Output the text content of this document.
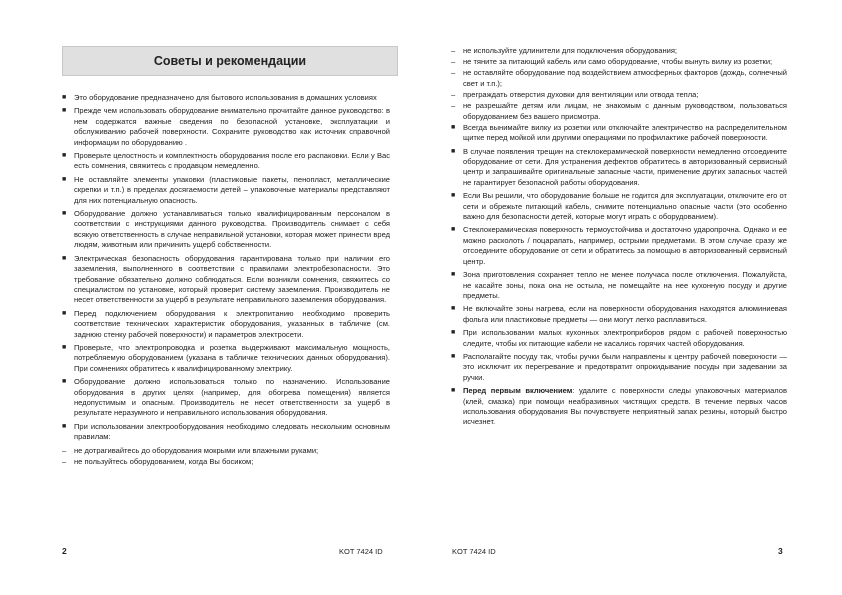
Советы и рекомендации
■	Это оборудование предназначено для бытового использования в домашних условиях
■	Прежде чем использовать оборудование внимательно прочитайте данное руководство: в нем содержатся важные сведения по безопасной установке, эксплуатации и обслуживанию рабочей поверхности. Сохраните руководство как источник справочной информации по оборудованию .
■	Проверьте целостность и комплектность оборудования после его распаковки. Если у Вас есть сомнения, свяжитесь с продавцом немедленно.
■	Не оставляйте элементы упаковки (пластиковые пакеты, пенопласт, металлические скрепки и т.п.) в пределах досягаемости детей – упаковочные материалы представляют для них потенциальную опасность.
■	Оборудование должно устанавливаться только квалифицированным персоналом в соответствии с инструкциями данного руководства. Производитель снимает с себя всякую ответственность в случае неправильной установки, которая может принести вред людям, животным или причинить ущерб собственности.
■	Электрическая безопасность оборудования гарантирована только при наличии его заземления, выполненного в соответствии с правилами электробезопасности. Это требование обязательно должно соблюдаться. Если возникли сомнения, свяжитесь со специалистом по установке, который проверит систему заземления. Производитель не несет ответственности за ущерб в результате неправильного заземления оборудования.
■	Перед подключением оборудования к электропитанию необходимо проверить соответствие технических характеристик оборудования, указанных в табличке (см. заднюю стенку рабочей поверхности) и параметров электросети.
■	Проверьте, что электропроводка и розетка выдерживают максимальную мощность, потребляемую оборудованием (указана в табличке технических данных оборудования). При сомнениях обратитесь к квалифицированному электрику.
■	Оборудование должно использоваться только по назначению. Использование оборудования в других целях (например, для обогрева помещения) является недопустимым и опасным. Производитель не несет ответственности за ущерб в результате неразумного и неправильного использования оборудования.
■	При использовании электрооборудования необходимо следовать нескольким основным правилам:
–	не дотрагивайтесь до оборудования мокрыми или влажными руками;
–	не пользуйтесь оборудованием, когда Вы босиком;
2	KOT 7424 ID
–	не используйте удлинители для подключения оборудования;
–	не тяните за питающий кабель или само оборудование, чтобы вынуть вилку из розетки;
–	не оставляйте оборудование под воздействием атмосферных факторов (дождь, солнечный свет и т.п.);
–	преграждать отверстия духовки для вентиляции или отвода тепла;
–	не разрешайте детям или лицам, не знакомым с данным руководством, пользоваться оборудованием без вашего присмотра.
■	Всегда вынимайте вилку из розетки или отключайте электричество на распределительном щитке перед мойкой или другими операциями по профилактике рабочей поверхности.
■	В случае появления трещин на стеклокерамической поверхности немедленно отсоедините оборудование от сети. Для устранения дефектов обратитесь в авторизованный сервисный центр и запрашивайте оригинальные запасные части, применение других запасных частей не гарантирует безопасной работы оборудования.
■	Если Вы решили, что оборудование больше не годится для эксплуатации, отключите его от сети и обрежьте питающий кабель, снимите потенциально опасные части (это особенно важно для безопасности детей, которые могут играть с оборудованием).
■	Стеклокерамическая поверхность термоустойчива и достаточно ударопрочна. Однако и ее можно расколоть / поцарапать, например, острыми предметами. В этом случае сразу же отсоедините оборудование от сети и обратитесь за помощью в авторизованный сервисный центр.
■	Зона приготовления сохраняет тепло не менее получаса после отключения. Пожалуйста, не касайте зоны, пока она не остыла, не помещайте на нее кухонную посуду и другие предметы.
■	Не включайте зоны нагрева, если на поверхности оборудования находятся алюминиевая фольга или пластиковые предметы — они могут легко расплавиться.
■	При использовании малых кухонных электроприборов рядом с рабочей поверхностью следите, чтобы их питающие кабели не касались горячих частей оборудования.
■	Располагайте посуду так, чтобы ручки были направлены к центру рабочей поверхности — это исключит их перегревание и предотвратит опрокидывание посуды при задевании за ручки.
■	Перед первым включением: удалите с поверхности следы упаковочных материалов (клей, смазка) при помощи неабразивных чистящих средств. В течение первых часов использования оборудования Вы почувствуете неприятный запах резины, который быстро исчезнет.
KOT 7424 ID	3
